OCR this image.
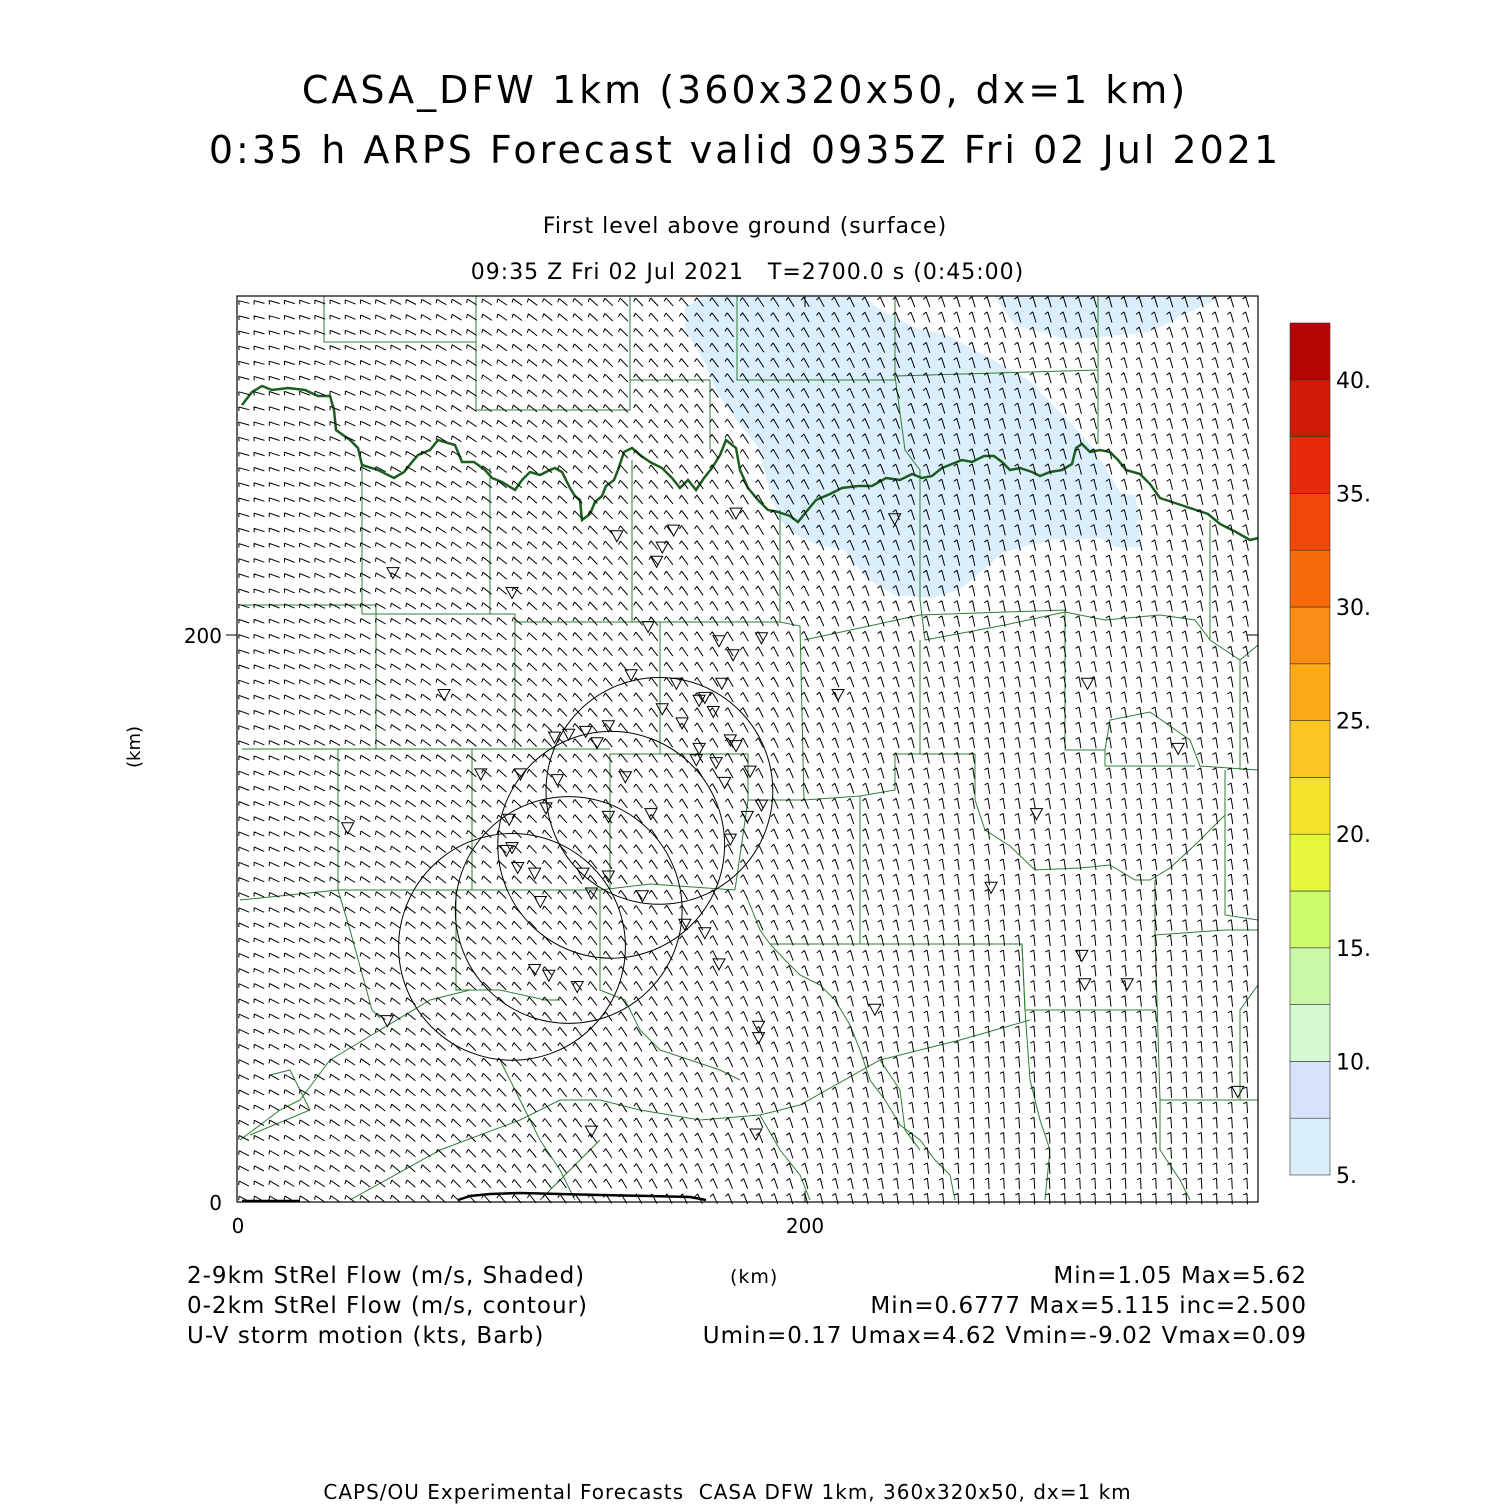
CASA_DFW 1km (360x320x50, dx=1 km)
0:35 h ARPS Forecast valid 0935Z Fri 02 Jul 2021
First level above ground (surface)
09:35 Z Fri 02 Jul 2021   T=2700.0 s (0:45:00)
0
200
0	200
(km)
5.
10.
15.
20.
25.
30.
35.
40.
2-9km StRel Flow (m/s, Shaded)	(km)	Min=1.05 Max=5.62
0-2km StRel Flow (m/s, contour)	Min=0.6777 Max=5.115 inc=2.500
U-V storm motion (kts, Barb)	Umin=0.17 Umax=4.62 Vmin=-9.02 Vmax=0.09
CAPS/OU Experimental Forecasts  CASA DFW 1km, 360x320x50, dx=1 km
